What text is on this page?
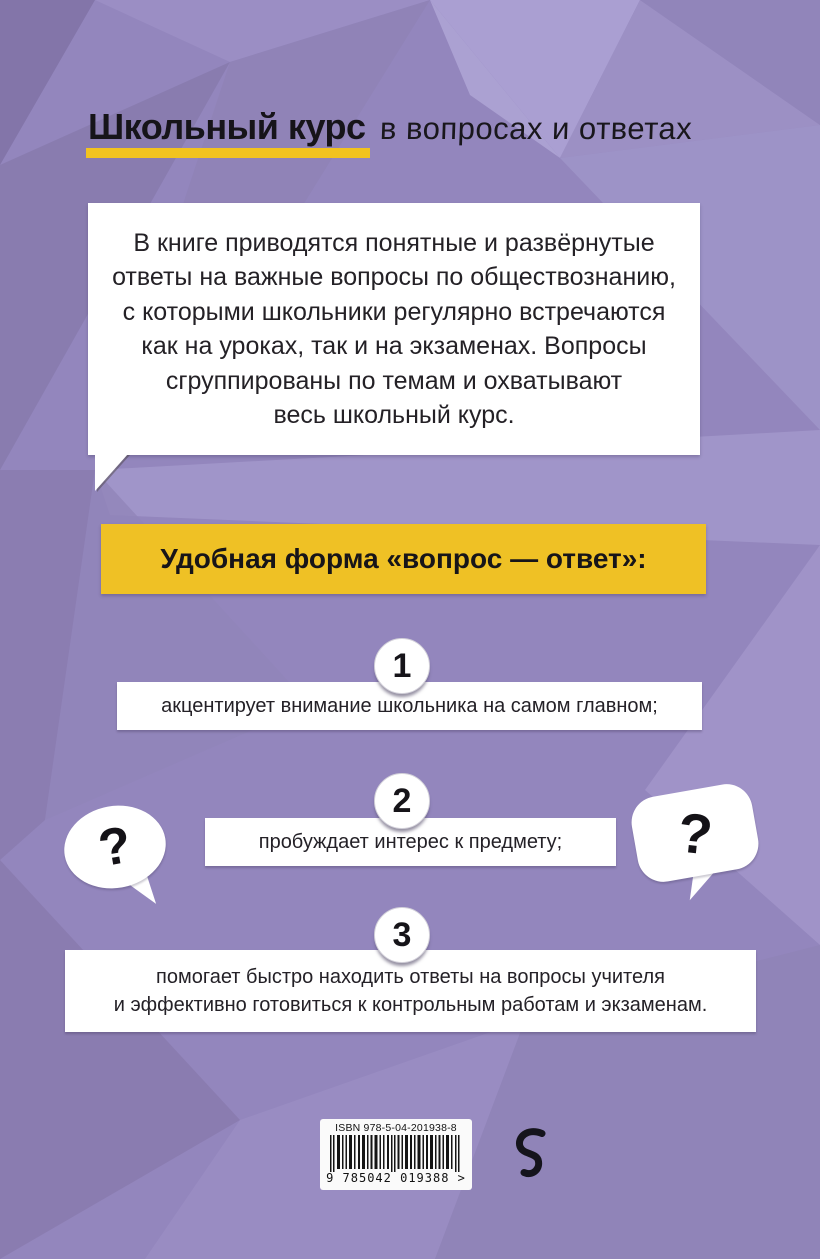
Школьный курс в вопросах и ответах
В книге приводятся понятные и развёрнутые
ответы на важные вопросы по обществознанию,
с которыми школьники регулярно встречаются
как на уроках, так и на экзаменах. Вопросы
сгруппированы по темам и охватывают
весь школьный курс.
Удобная форма «вопрос — ответ»:
1
акцентирует внимание школьника на самом главном;
2
пробуждает интерес к предмету;
?	?
3
помогает быстро находить ответы на вопросы учителя
и эффективно готовиться к контрольным работам и экзаменам.
ISBN 978-5-04-201938-8
9 785042 019388 >
